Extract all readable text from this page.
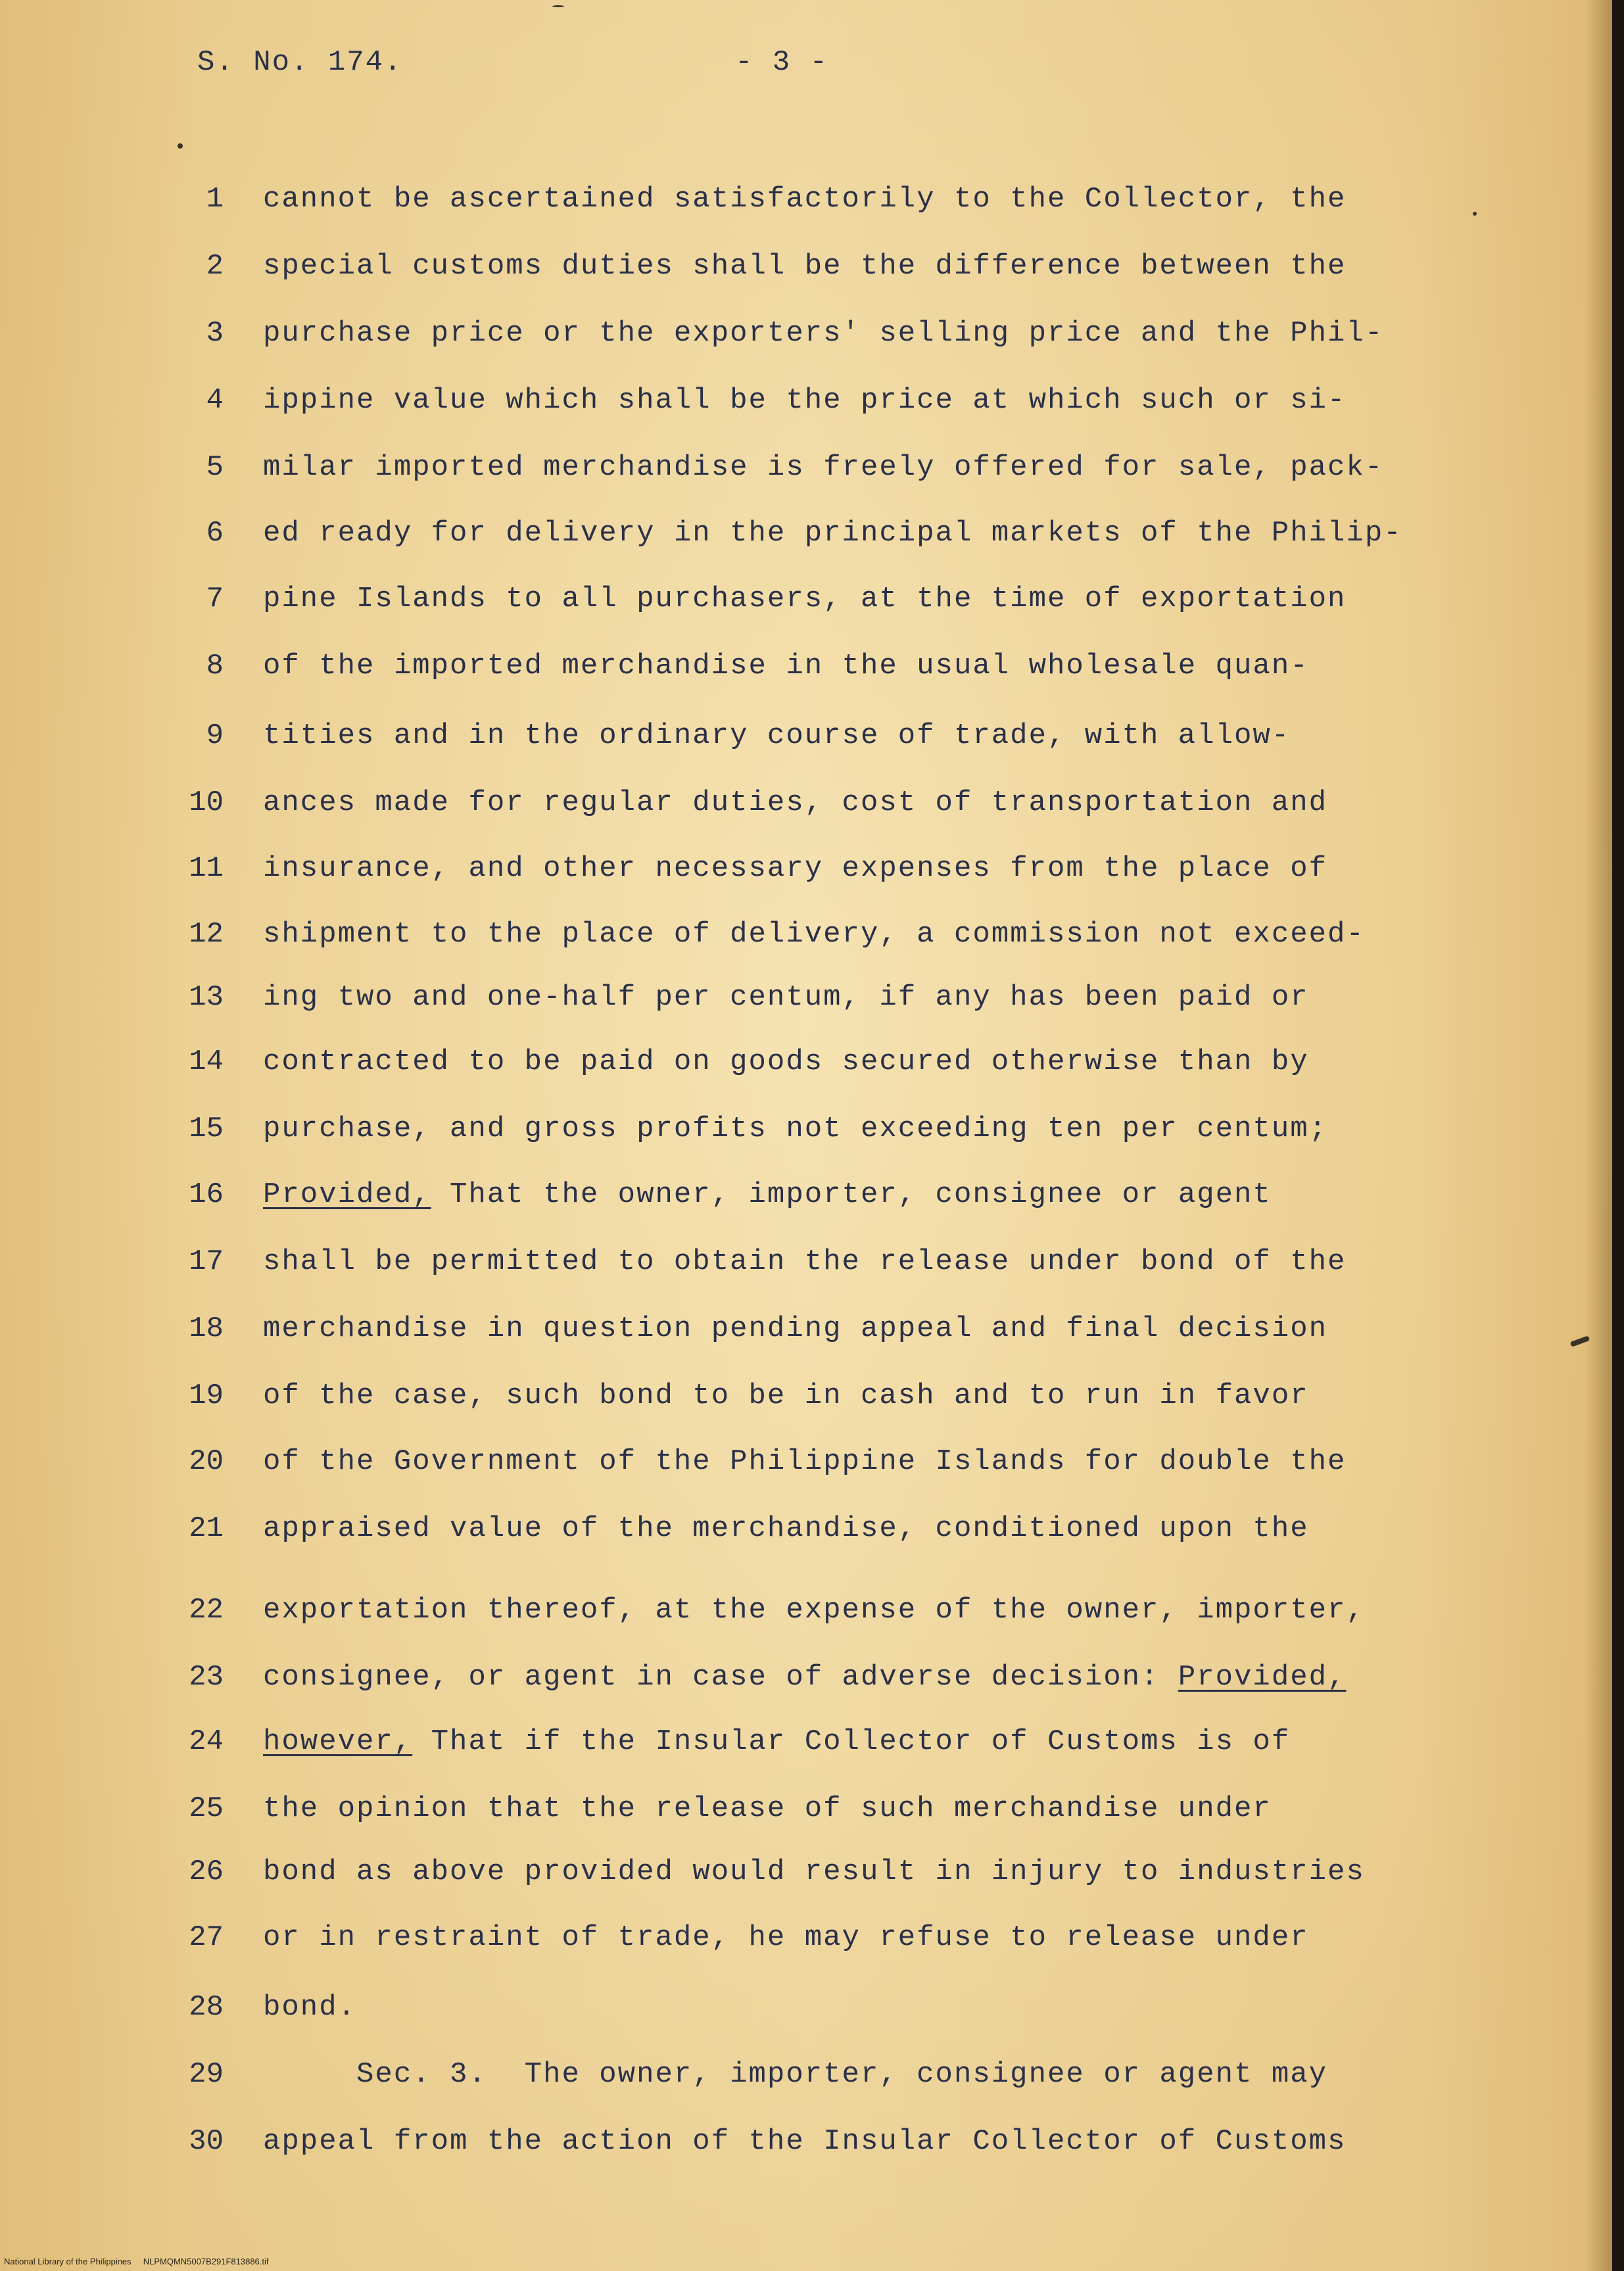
S. No. 174.	- 3 -
1 cannot be ascertained satisfactorily to the Collector, the
2 special customs duties shall be the difference between the
3 purchase price or the exporters' selling price and the Phil-
4 ippine value which shall be the price at which such or si-
5 milar imported merchandise is freely offered for sale, pack-
6 ed ready for delivery in the principal markets of the Philip-
7 pine Islands to all purchasers, at the time of exportation
8 of the imported merchandise in the usual wholesale quan-
9 tities and in the ordinary course of trade, with allow-
10 ances made for regular duties, cost of transportation and
11 insurance, and other necessary expenses from the place of
12 shipment to the place of delivery, a commission not exceed-
13 ing two and one-half per centum, if any has been paid or
14 contracted to be paid on goods secured otherwise than by
15 purchase, and gross profits not exceeding ten per centum;
16 Provided, That the owner, importer, consignee or agent
17 shall be permitted to obtain the release under bond of the
18 merchandise in question pending appeal and final decision
19 of the case, such bond to be in cash and to run in favor
20 of the Government of the Philippine Islands for double the
21 appraised value of the merchandise, conditioned upon the
22 exportation thereof, at the expense of the owner, importer,
23 consignee, or agent in case of adverse decision: Provided,
24 however, That if the Insular Collector of Customs is of
25 the opinion that the release of such merchandise under
26 bond as above provided would result in injury to industries
27 or in restraint of trade, he may refuse to release under
28 bond.
29 Sec. 3.  The owner, importer, consignee or agent may
30 appeal from the action of the Insular Collector of Customs
National Library of the Philippines NLPMQMN5007B291F813886.tif
